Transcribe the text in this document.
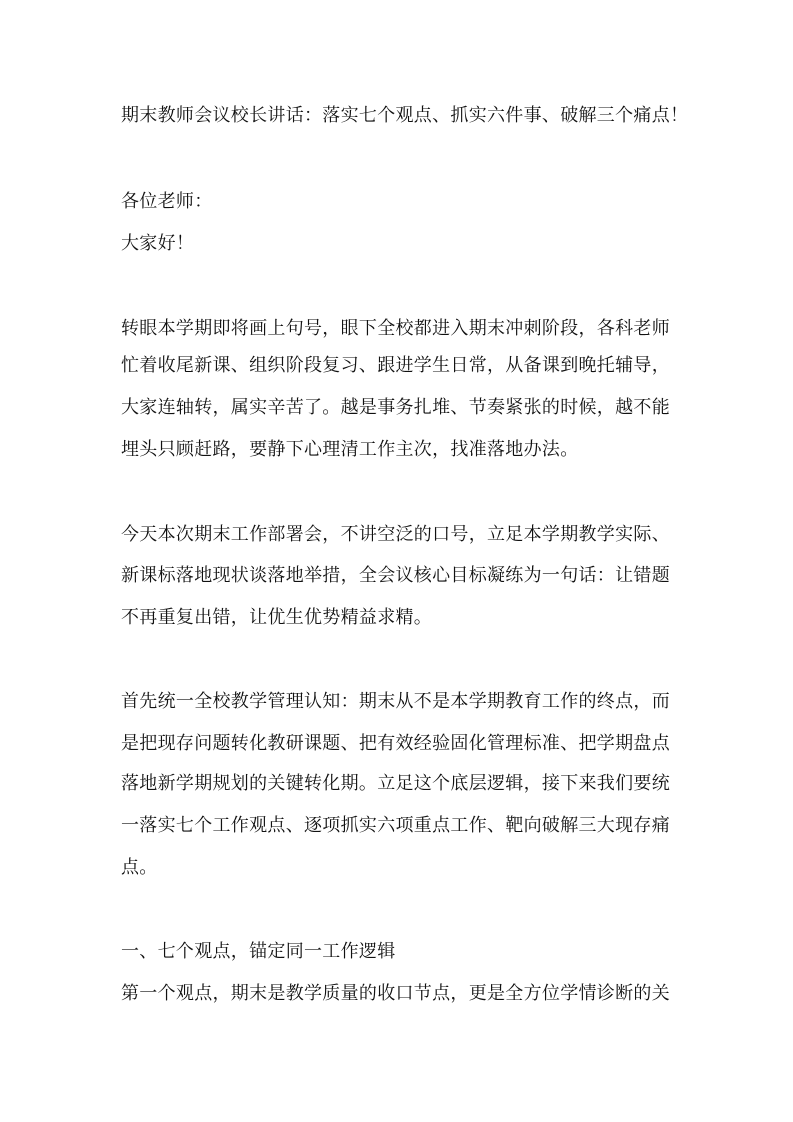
期末教师会议校长讲话：落实七个观点、抓实六件事、破解三个痛点！

各位老师：

大家好！

转眼本学期即将画上句号，眼下全校都进入期末冲刺阶段，各科老师

忙着收尾新课、组织阶段复习、跟进学生日常，从备课到晚托辅导，

大家连轴转，属实辛苦了。越是事务扎堆、节奏紧张的时候，越不能

埋头只顾赶路，要静下心理清工作主次，找准落地办法。

今天本次期末工作部署会，不讲空泛的口号，立足本学期教学实际、

新课标落地现状谈落地举措，全会议核心目标凝练为一句话：让错题

不再重复出错，让优生优势精益求精。

首先统一全校教学管理认知：期末从不是本学期教育工作的终点，而

是把现存问题转化教研课题、把有效经验固化管理标准、把学期盘点

落地新学期规划的关键转化期。立足这个底层逻辑，接下来我们要统

一落实七个工作观点、逐项抓实六项重点工作、靶向破解三大现存痛

点。

一、七个观点，锚定同一工作逻辑

第一个观点，期末是教学质量的收口节点，更是全方位学情诊断的关
